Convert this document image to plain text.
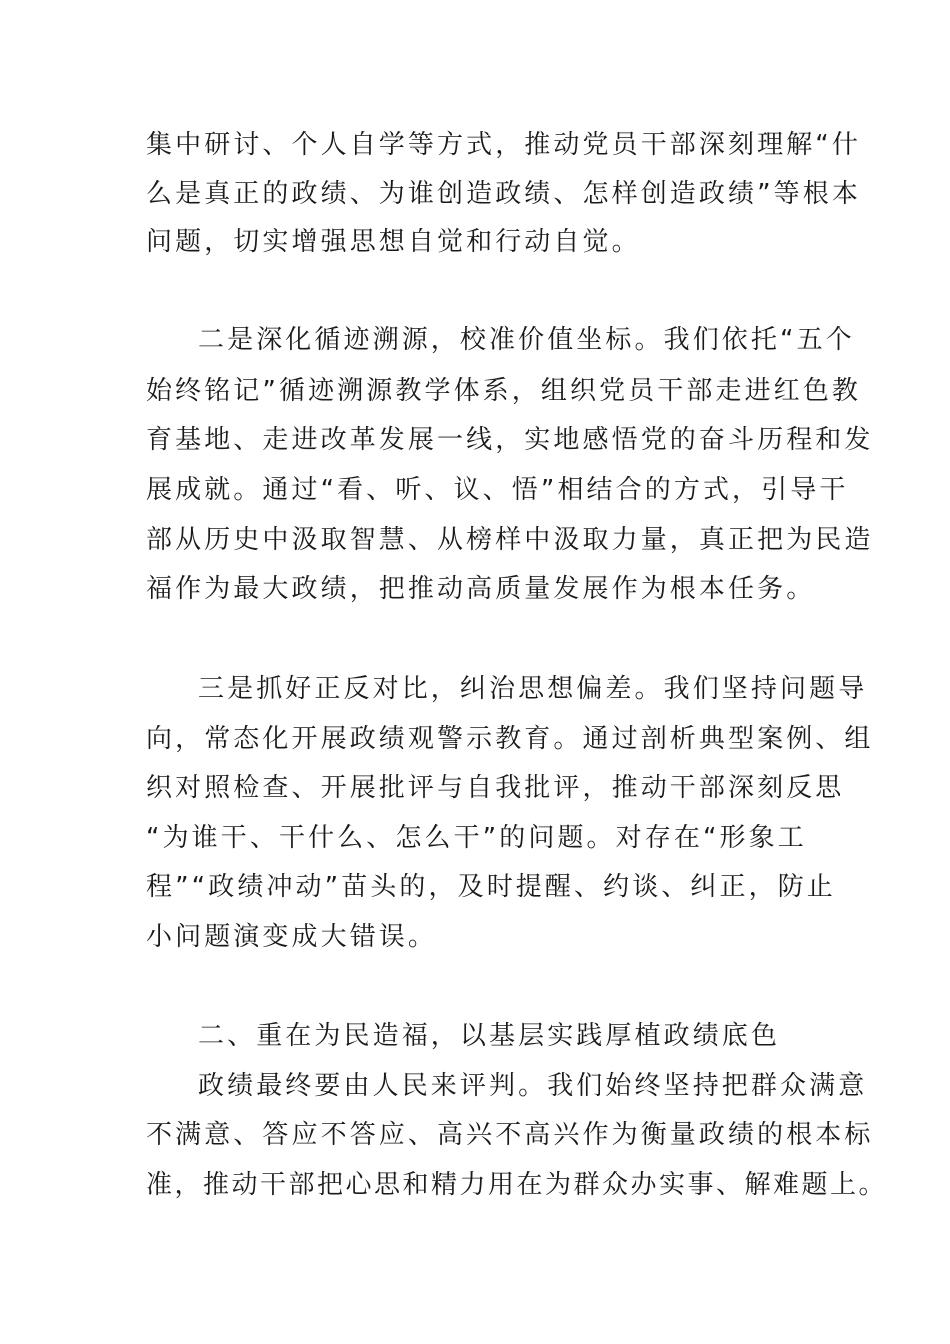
集中研讨、个人自学等方式，推动党员干部深刻理解“什
么是真正的政绩、为谁创造政绩、怎样创造政绩”等根本
问题，切实增强思想自觉和行动自觉。
二是深化循迹溯源，校准价值坐标。我们依托“五个
始终铭记”循迹溯源教学体系，组织党员干部走进红色教
育基地、走进改革发展一线，实地感悟党的奋斗历程和发
展成就。通过“看、听、议、悟”相结合的方式，引导干
部从历史中汲取智慧、从榜样中汲取力量，真正把为民造
福作为最大政绩，把推动高质量发展作为根本任务。
三是抓好正反对比，纠治思想偏差。我们坚持问题导
向，常态化开展政绩观警示教育。通过剖析典型案例、组
织对照检查、开展批评与自我批评，推动干部深刻反思
“为谁干、干什么、怎么干”的问题。对存在“形象工
程”“政绩冲动”苗头的，及时提醒、约谈、纠正，防止
小问题演变成大错误。
二、重在为民造福，以基层实践厚植政绩底色
政绩最终要由人民来评判。我们始终坚持把群众满意
不满意、答应不答应、高兴不高兴作为衡量政绩的根本标
准，推动干部把心思和精力用在为群众办实事、解难题上。
